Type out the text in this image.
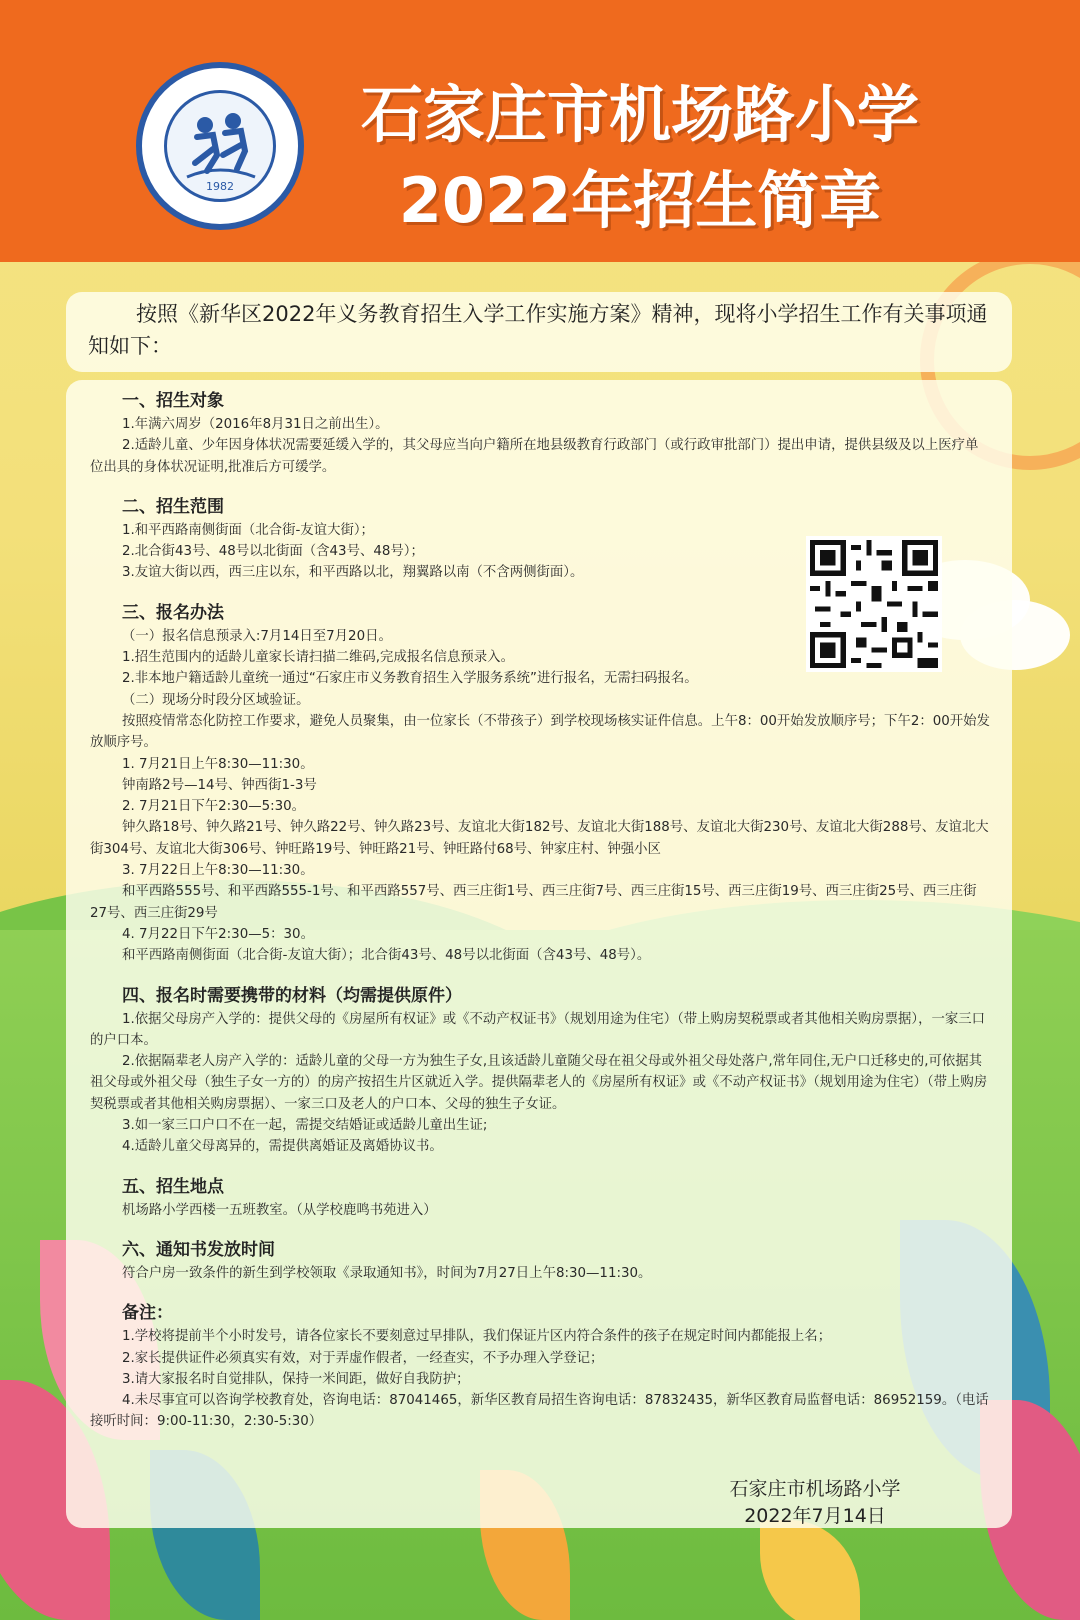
1982
石家庄市机场路小学
2022年招生简章

按照《新华区2022年义务教育招生入学工作实施方案》精神，现将小学招生工作有关事项通知如下：

一、招生对象

1.年满六周岁（2016年8月31日之前出生）。

2.适龄儿童、少年因身体状况需要延缓入学的，其父母应当向户籍所在地县级教育行政部门（或行政审批部门）提出申请，提供县级及以上医疗单位出具的身体状况证明,批准后方可缓学。

二、招生范围

1.和平西路南侧街面（北合街-友谊大街）；

2.北合街43号、48号以北街面（含43号、48号）；

3.友谊大街以西，西三庄以东，和平西路以北，翔翼路以南（不含两侧街面）。

三、报名办法

（一）报名信息预录入:7月14日至7月20日。

1.招生范围内的适龄儿童家长请扫描二维码,完成报名信息预录入。

2.非本地户籍适龄儿童统一通过“石家庄市义务教育招生入学服务系统”进行报名，无需扫码报名。

（二）现场分时段分区域验证。

按照疫情常态化防控工作要求，避免人员聚集，由一位家长（不带孩子）到学校现场核实证件信息。上午8：00开始发放顺序号；下午2：00开始发放顺序号。

1. 7月21日上午8:30—11:30。

钟南路2号—14号、钟西街1-3号

2. 7月21日下午2:30—5:30。

钟久路18号、钟久路21号、钟久路22号、钟久路23号、友谊北大街182号、友谊北大街188号、友谊北大街230号、友谊北大街288号、友谊北大街304号、友谊北大街306号、钟旺路19号、钟旺路21号、钟旺路付68号、钟家庄村、钟强小区

3. 7月22日上午8:30—11:30。

和平西路555号、和平西路555-1号、和平西路557号、西三庄街1号、西三庄街7号、西三庄街15号、西三庄街19号、西三庄街25号、西三庄街27号、西三庄街29号

4. 7月22日下午2:30—5：30。

和平西路南侧街面（北合街-友谊大街）；北合街43号、48号以北街面（含43号、48号）。

四、报名时需要携带的材料（均需提供原件）

1.依据父母房产入学的：提供父母的《房屋所有权证》或《不动产权证书》（规划用途为住宅）（带上购房契税票或者其他相关购房票据），一家三口的户口本。

2.依据隔辈老人房产入学的：适龄儿童的父母一方为独生子女,且该适龄儿童随父母在祖父母或外祖父母处落户,常年同住,无户口迁移史的,可依据其祖父母或外祖父母（独生子女一方的）的房产按招生片区就近入学。提供隔辈老人的《房屋所有权证》或《不动产权证书》（规划用途为住宅）（带上购房契税票或者其他相关购房票据）、一家三口及老人的户口本、父母的独生子女证。

3.如一家三口户口不在一起，需提交结婚证或适龄儿童出生证;

4.适龄儿童父母离异的，需提供离婚证及离婚协议书。

五、招生地点

机场路小学西楼一五班教室。（从学校鹿鸣书苑进入）

六、通知书发放时间

符合户房一致条件的新生到学校领取《录取通知书》，时间为7月27日上午8:30—11:30。

备注：

1.学校将提前半个小时发号，请各位家长不要刻意过早排队，我们保证片区内符合条件的孩子在规定时间内都能报上名；

2.家长提供证件必须真实有效，对于弄虚作假者，一经查实，不予办理入学登记；

3.请大家报名时自觉排队，保持一米间距，做好自我防护；

4.未尽事宜可以咨询学校教育处，咨询电话：87041465，新华区教育局招生咨询电话：87832435，新华区教育局监督电话：86952159。（电话接听时间：9:00-11:30，2:30-5:30）

石家庄市机场路小学
2022年7月14日
